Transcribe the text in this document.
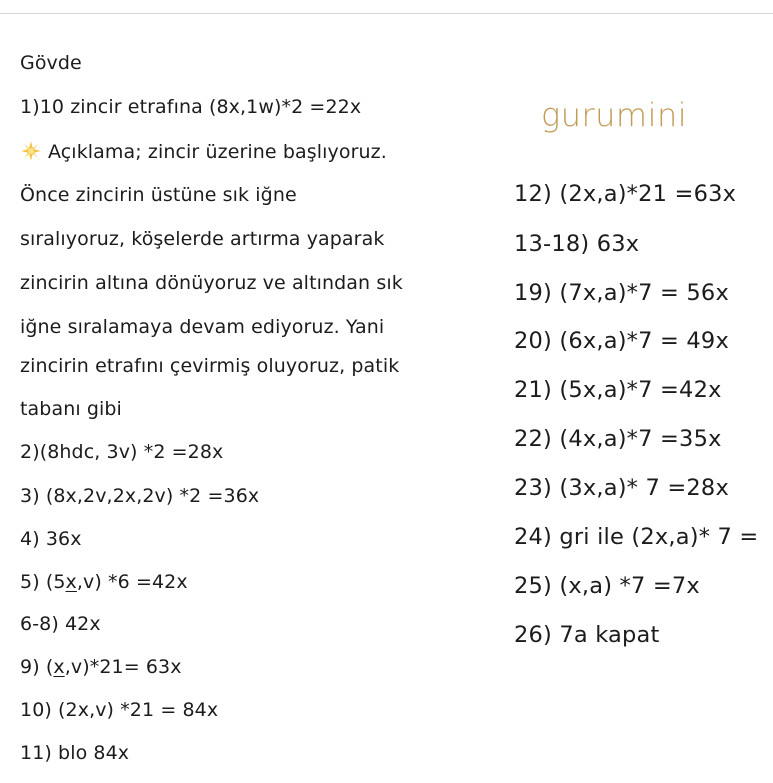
gurumini
Gövde
1)10 zincir etrafına (8x,1w)*2 =22x
Açıklama; zincir üzerine başlıyoruz.
Önce zincirin üstüne sık iğne
sıralıyoruz, köşelerde artırma yaparak
zincirin altına dönüyoruz ve altından sık
iğne sıralamaya devam ediyoruz. Yani
zincirin etrafını çevirmiş oluyoruz, patik
tabanı gibi
2)(8hdc, 3v) *2 =28x
3) (8x,2v,2x,2v) *2 =36x
4) 36x
5) (5x,v) *6 =42x
6-8) 42x
9) (x,v)*21= 63x
10) (2x,v) *21 = 84x
11) blo 84x
12) (2x,a)*21 =63x
13-18) 63x
19) (7x,a)*7 = 56x
20) (6x,a)*7 = 49x
21) (5x,a)*7 =42x
22) (4x,a)*7 =35x
23) (3x,a)* 7 =28x
24) gri ile (2x,a)* 7 =
25) (x,a) *7 =7x
26) 7a kapat
